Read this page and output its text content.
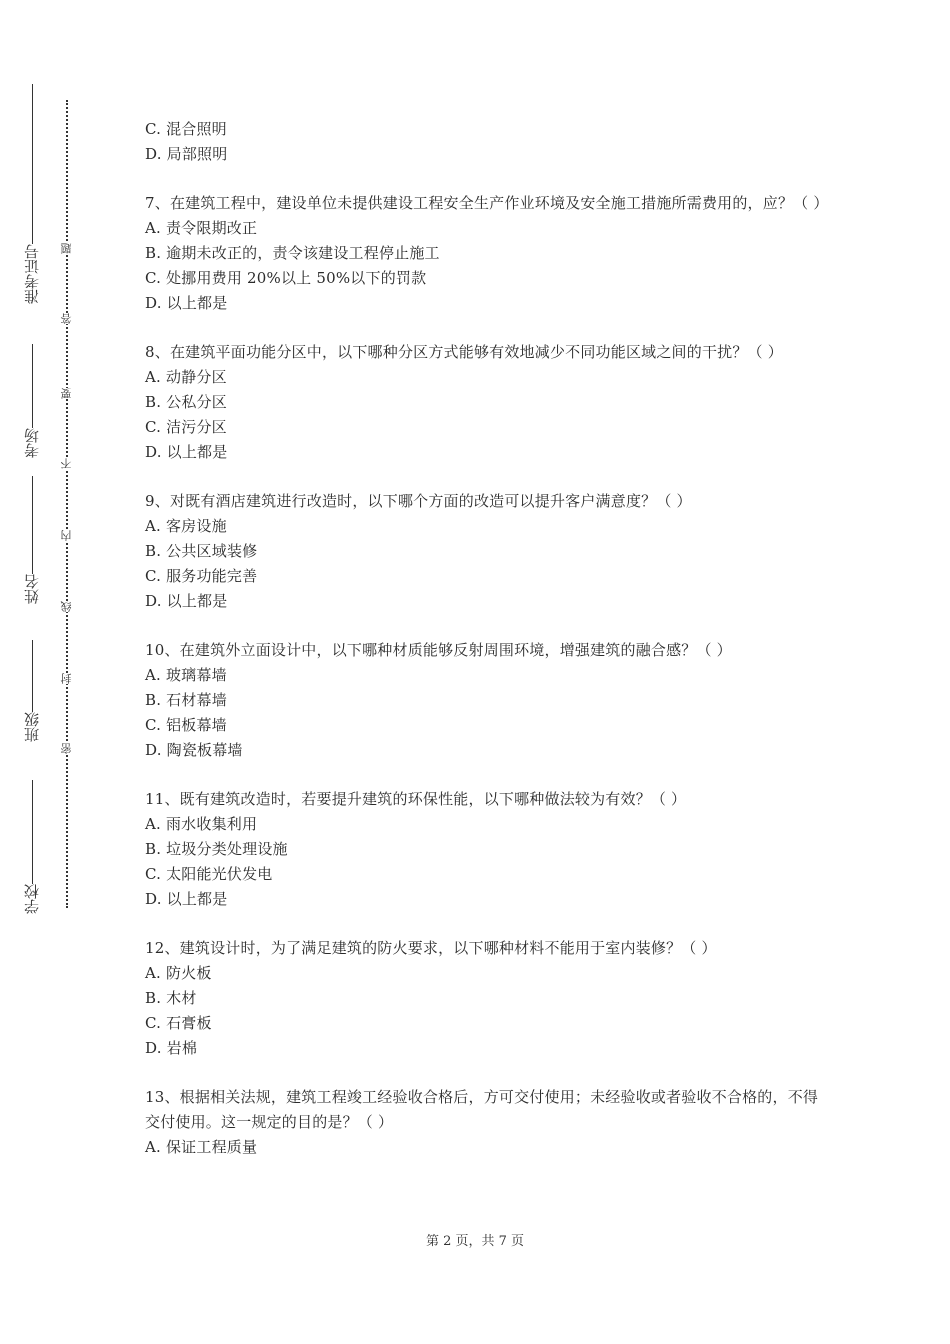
准考证号
考场
姓名
班级
学校
题
答
要
不
内
线
封
密
C. 混合照明
D. 局部照明
7、在建筑工程中，建设单位未提供建设工程安全生产作业环境及安全施工措施所需费用的，应？（ ）
A. 责令限期改正
B. 逾期未改正的，责令该建设工程停止施工
C. 处挪用费用 20%以上 50%以下的罚款
D. 以上都是
8、在建筑平面功能分区中，以下哪种分区方式能够有效地减少不同功能区域之间的干扰？（ ）
A. 动静分区
B. 公私分区
C. 洁污分区
D. 以上都是
9、对既有酒店建筑进行改造时，以下哪个方面的改造可以提升客户满意度？（ ）
A. 客房设施
B. 公共区域装修
C. 服务功能完善
D. 以上都是
10、在建筑外立面设计中，以下哪种材质能够反射周围环境，增强建筑的融合感？（ ）
A. 玻璃幕墙
B. 石材幕墙
C. 铝板幕墙
D. 陶瓷板幕墙
11、既有建筑改造时，若要提升建筑的环保性能，以下哪种做法较为有效？（ ）
A. 雨水收集利用
B. 垃圾分类处理设施
C. 太阳能光伏发电
D. 以上都是
12、建筑设计时，为了满足建筑的防火要求，以下哪种材料不能用于室内装修？（ ）
A. 防火板
B. 木材
C. 石膏板
D. 岩棉
13、根据相关法规，建筑工程竣工经验收合格后，方可交付使用；未经验收或者验收不合格的，不得交付使用。这一规定的目的是？（ ）
A. 保证工程质量
第 2 页，共 7 页
